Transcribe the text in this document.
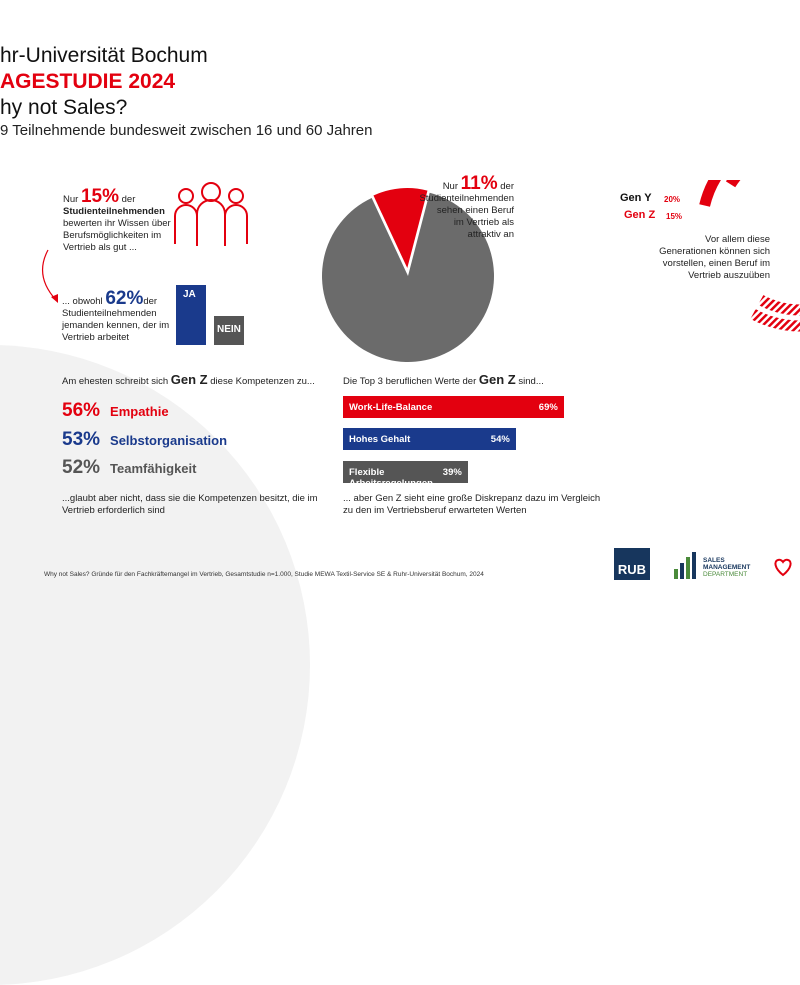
hr-Universität Bochum
AGESTUDIE 2024
hy not Sales?
9 Teilnehmende bundesweit zwischen 16 und 60 Jahren
Nur 15% der
Studienteilnehmenden
bewerten ihr Wissen über
Berufsmöglichkeiten im
Vertrieb als gut ...
... obwohl 62%der
Studienteilnehmenden
jemanden kennen, der im
Vertrieb arbeitet
JA
NEIN
Nur 11% der
Studienteilnehmenden
sehen einen Beruf
im Vertrieb als
attraktiv an
Gen Y 20%
Gen Z 15%
Vor allem diese
Generationen können sich
vorstellen, einen Beruf im
Vertrieb auszuüben
Am ehesten schreibt sich Gen Z diese Kompetenzen zu...
56% Empathie
53% Selbstorganisation
52% Teamfähigkeit
...glaubt aber nicht, dass sie die Kompetenzen besitzt, die im
Vertrieb erforderlich sind
Die Top 3 beruflichen Werte der Gen Z sind...
Work-Life-Balance	69%
Hohes Gehalt	54%
Flexible Arbeitsregelungen
39%
... aber Gen Z sieht eine große Diskrepanz dazu im Vergleich
zu den im Vertriebsberuf erwarteten Werten
Why not Sales? Gründe für den Fachkräftemangel im Vertrieb, Gesamtstudie n=1.000, Studie MEWA Textil-Service SE & Ruhr-Universität Bochum, 2024	RUB
SALES
MANAGEMENT
DEPARTMENT
